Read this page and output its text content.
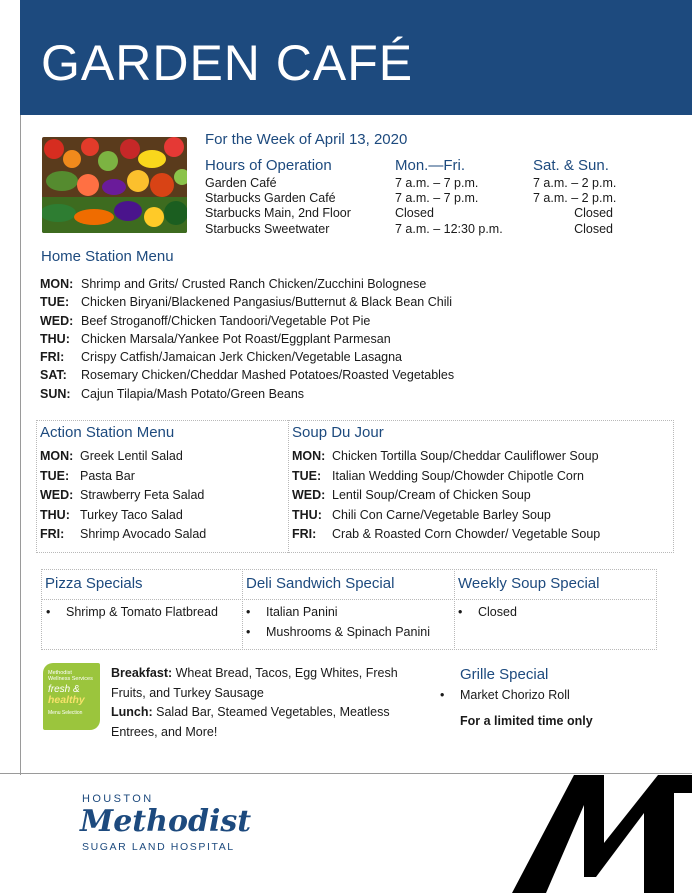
GARDEN CAFÉ
For the Week of April 13, 2020
Hours of Operation	Mon.—Fri.	Sat. & Sun.
Garden Café	7 a.m. – 7 p.m.	7 a.m. – 2 p.m.
Starbucks Garden Café	7 a.m. – 7 p.m.	7 a.m. – 2 p.m.
Starbucks Main, 2nd Floor	Closed	Closed
Starbucks Sweetwater	7 a.m. – 12:30 p.m.	Closed
Home Station Menu
MON: Shrimp and Grits/ Crusted Ranch Chicken/Zucchini Bolognese
TUE: Chicken Biryani/Blackened Pangasius/Butternut & Black Bean Chili
WED: Beef Stroganoff/Chicken Tandoori/Vegetable Pot Pie
THU: Chicken Marsala/Yankee Pot Roast/Eggplant Parmesan
FRI: Crispy Catfish/Jamaican Jerk Chicken/Vegetable Lasagna
SAT: Rosemary Chicken/Cheddar Mashed Potatoes/Roasted Vegetables
SUN: Cajun Tilapia/Mash Potato/Green Beans
Action Station Menu
MON: Greek Lentil Salad
TUE: Pasta Bar
WED: Strawberry Feta Salad
THU: Turkey Taco Salad
FRI: Shrimp Avocado Salad
Soup Du Jour
MON: Chicken Tortilla Soup/Cheddar Cauliflower Soup
TUE: Italian Wedding Soup/Chowder Chipotle Corn
WED: Lentil Soup/Cream of Chicken Soup
THU: Chili Con Carne/Vegetable Barley Soup
FRI: Crab & Roasted Corn Chowder/ Vegetable Soup
Pizza Specials	Deli Sandwich Special	Weekly Soup Special
• Shrimp & Tomato Flatbread
•	Italian Panini
• Mushrooms & Spinach Panini
• Closed
Methodist
Wellness Services
fresh &
healthy
Menu Selection
Breakfast: Wheat Bread, Tacos, Egg Whites, Fresh Fruits, and Turkey Sausage
Lunch: Salad Bar, Steamed Vegetables, Meatless Entrees, and More!
Grille Special
• Market Chorizo Roll
For a limited time only
HOUSTON
Methodist
SUGAR LAND HOSPITAL
